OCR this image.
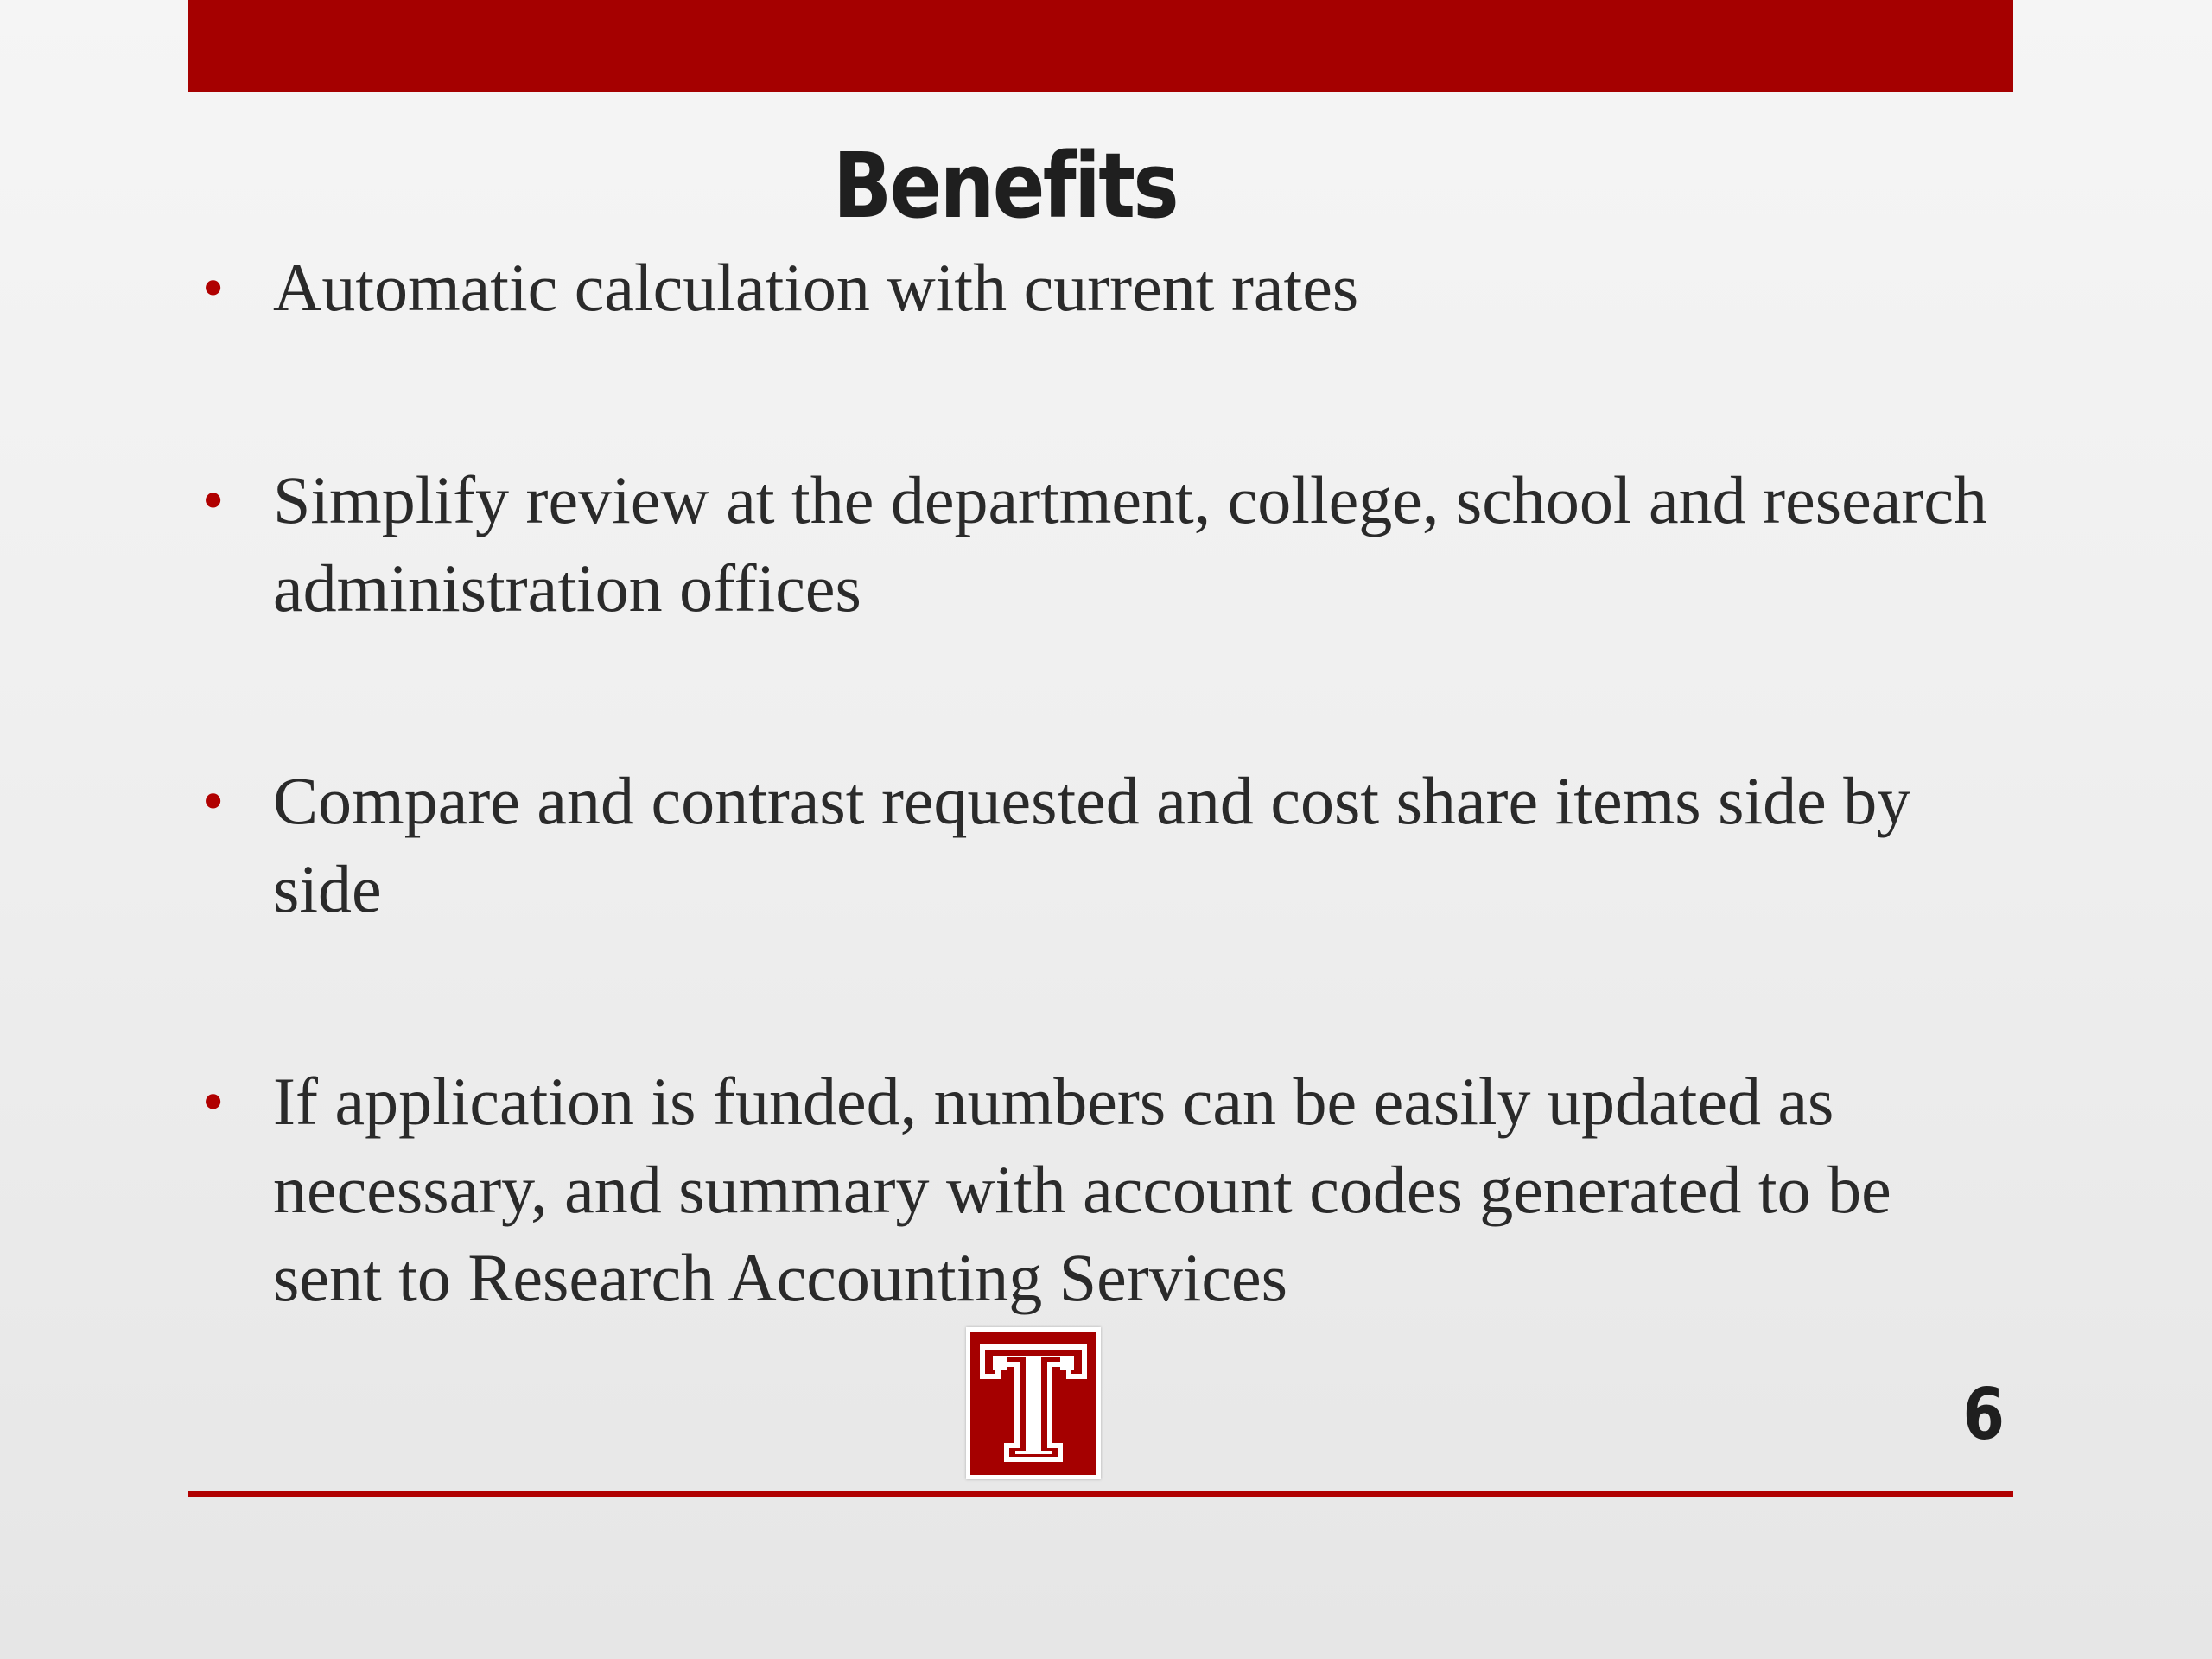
Benefits
• Automatic calculation with current rates
• Simplify review at the department, college, school and research administration offices
• Compare and contrast requested and cost share items side by side
• If application is funded, numbers can be easily updated as necessary, and summary with account codes generated to be sent to Research Accounting Services
6
